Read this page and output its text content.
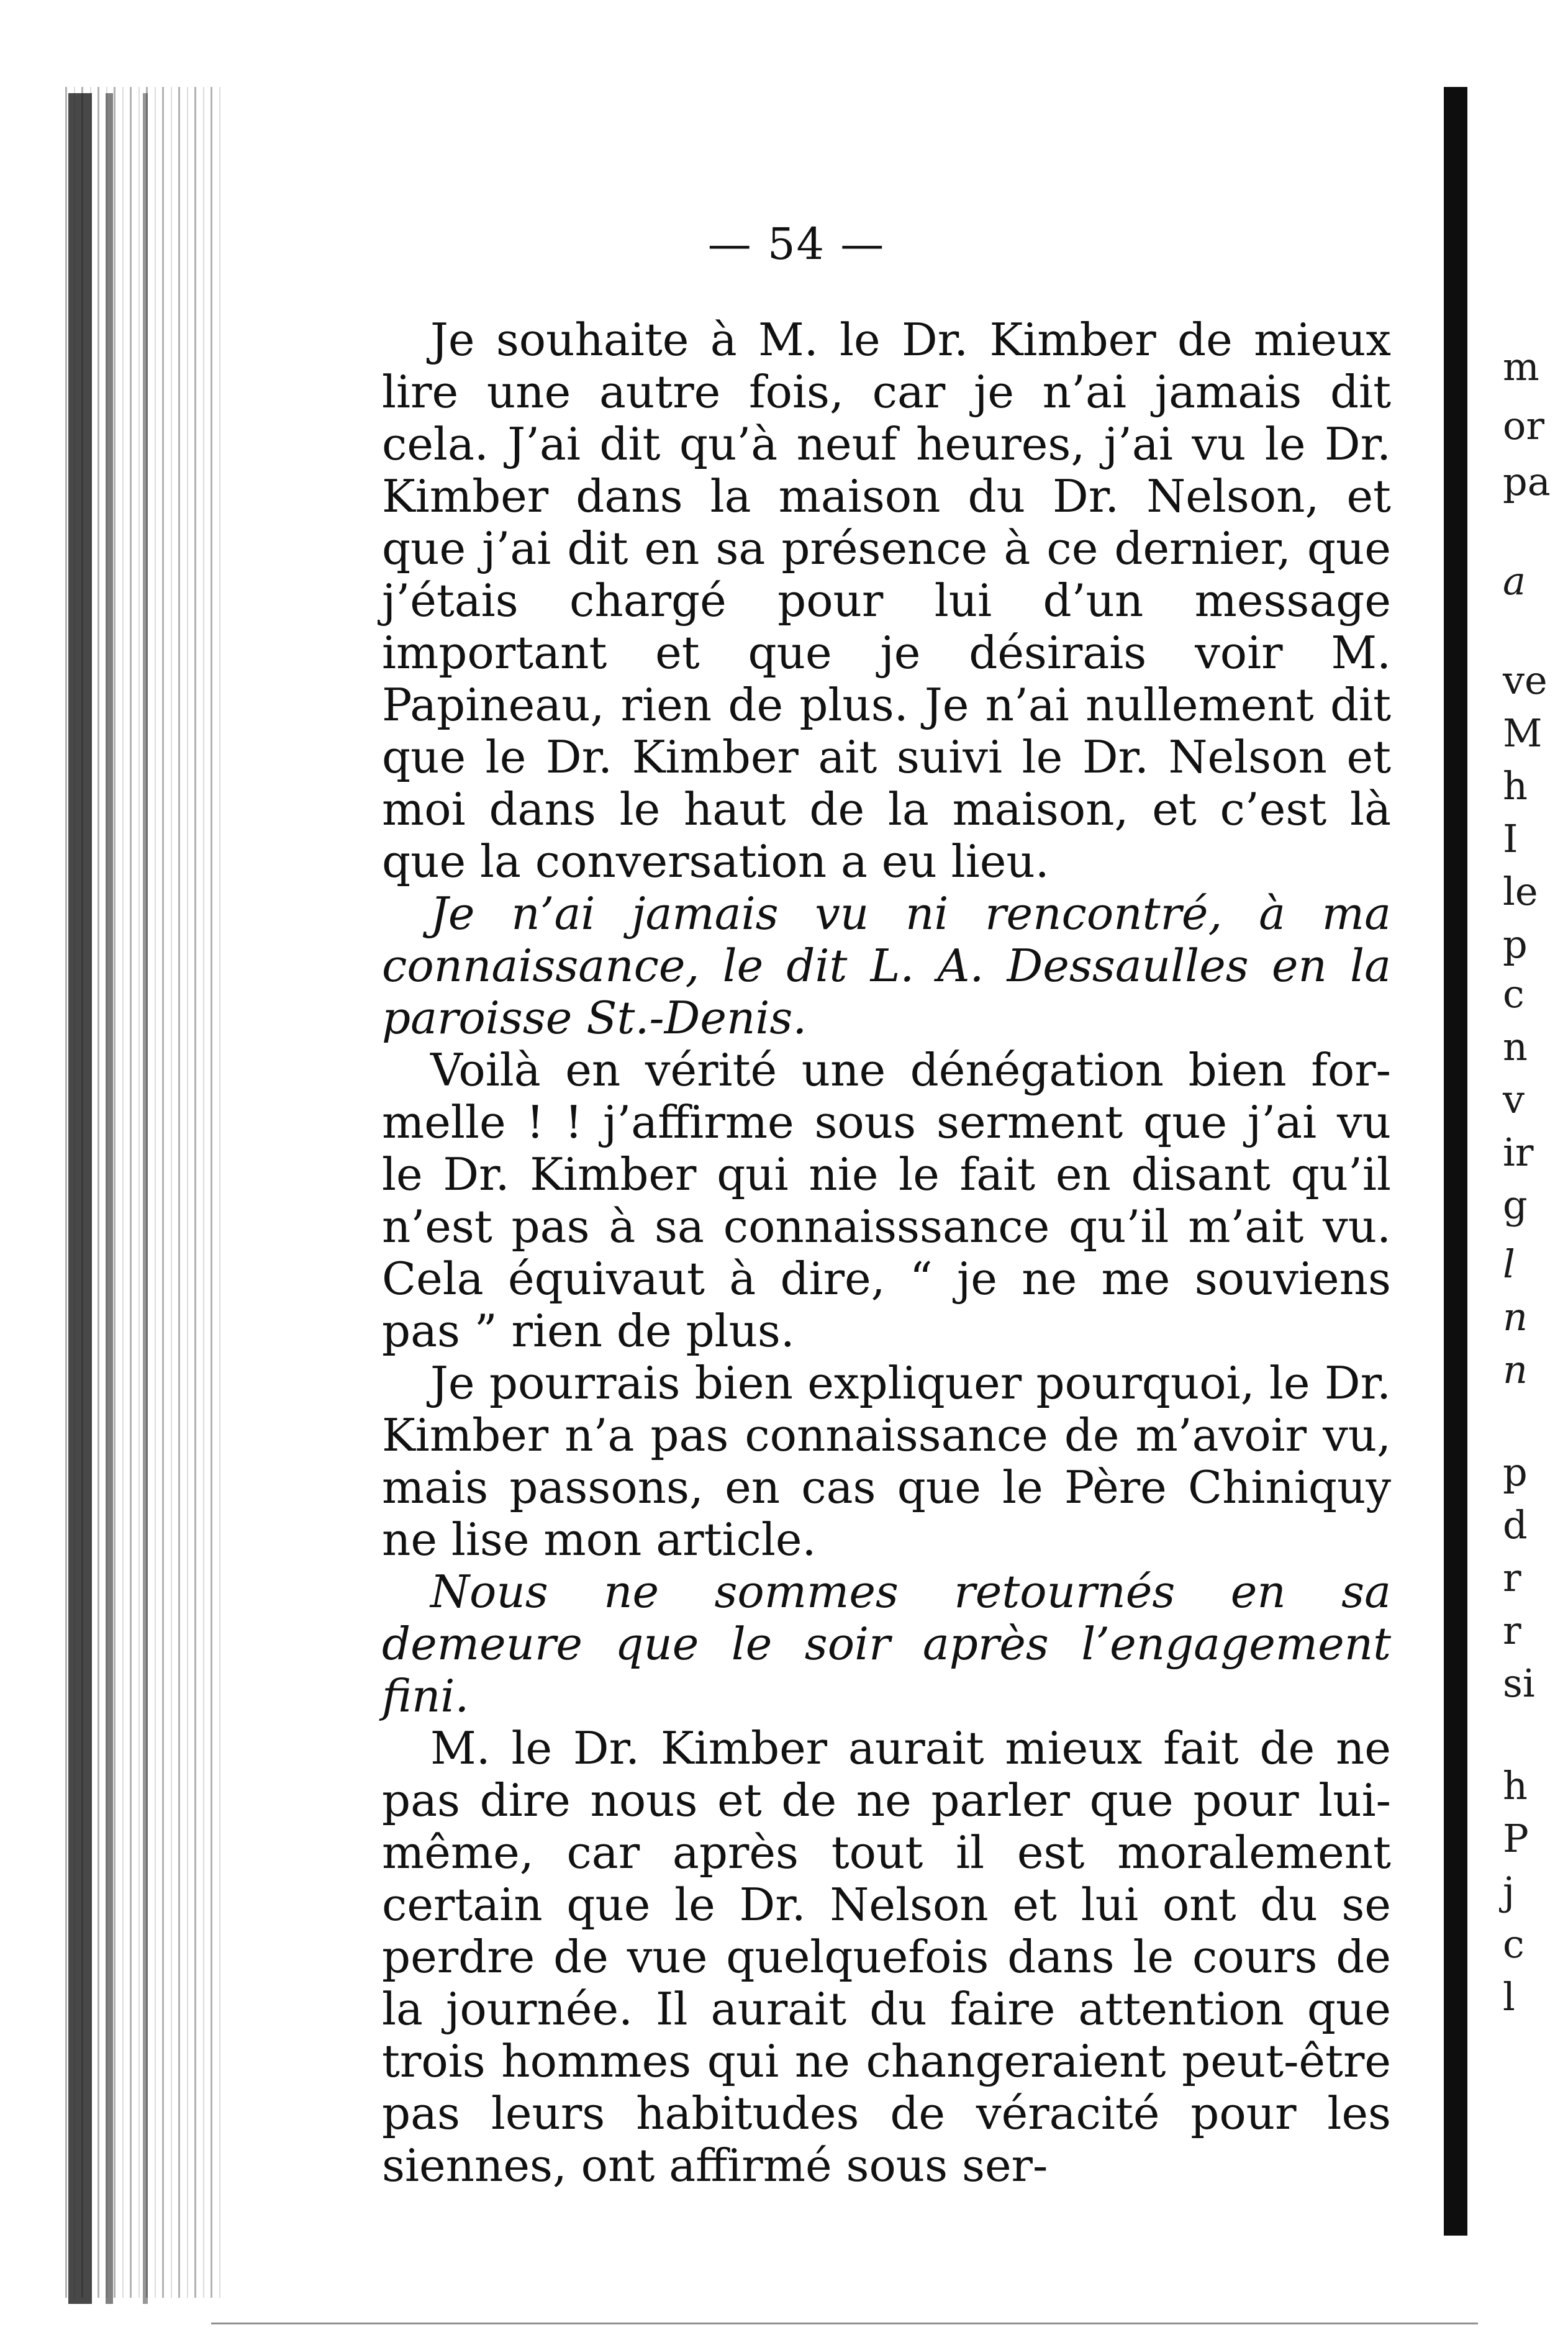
— 54 —

Je souhaite à M. le Dr. Kimber de mieux lire une autre fois, car je n’ai jamais dit cela. J’ai dit qu’à neuf heures, j’ai vu le Dr. Kimber dans la maison du Dr. Nelson, et que j’ai dit en sa présence à ce dernier, que j’étais chargé pour lui d’un message important et que je désirais voir M. Papineau, rien de plus. Je n’ai nullement dit que le Dr. Kimber ait suivi le Dr. Nelson et moi dans le haut de la maison, et c’est là que la conversation a eu lieu.

Je n’ai jamais vu ni rencontré, à ma connaissance, le dit L. A. Dessaulles en la paroisse St.-Denis.

Voilà en vérité une dénégation bien formelle ! ! j’affirme sous serment que j’ai vu le Dr. Kimber qui nie le fait en disant qu’il n’est pas à sa connaisssance qu’il m’ait vu. Cela équivaut à dire, “ je ne me souviens pas ” rien de plus.

Je pourrais bien expliquer pourquoi, le Dr. Kimber n’a pas connaissance de m’avoir vu, mais passons, en cas que le Père Chiniquy ne lise mon article.

Nous ne sommes retournés en sa demeure que le soir après l’engagement fini.

M. le Dr. Kimber aurait mieux fait de ne pas dire nous et de ne parler que pour lui-même, car après tout il est moralement certain que le Dr. Nelson et lui ont du se perdre de vue quelquefois dans le cours de la journée. Il aurait du faire attention que trois hommes qui ne changeraient peut-être pas leurs habitudes de véracité pour les siennes, ont affirmé sous ser-

m
or
pa
a
ve
M
h
I
le
p
c
n
v
ir
g
l
n
n
p
d
r
r
si
h
P
j
c
l
